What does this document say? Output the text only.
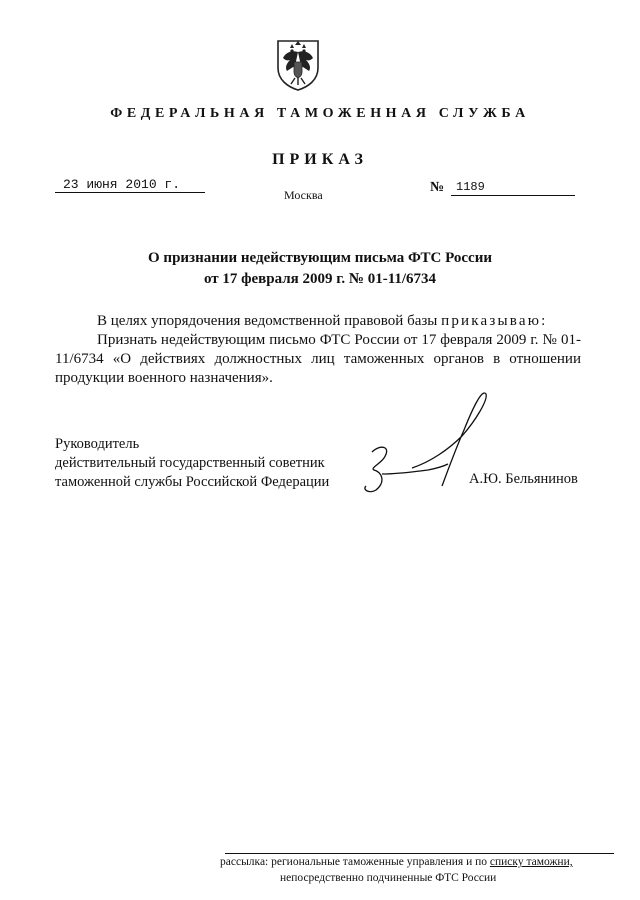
ФЕДЕРАЛЬНАЯ ТАМОЖЕННАЯ СЛУЖБА
ПРИКАЗ
23 июня 2010 г.
Москва	№ 1189
О признании недействующим письма ФТС России
от 17 февраля 2009 г. № 01-11/6734
В целях упорядочения ведомственной правовой базы приказываю:
Признать недействующим письмо ФТС России от 17 февраля 2009 г. № 01-11/6734 «О действиях должностных лиц таможенных органов в отношении продукции военного назначения».
Руководитель
действительный государственный советник
таможенной службы Российской Федерации	А.Ю. Бельянинов
рассылка: региональные таможенные управления и по списку таможни,
непосредственно подчиненные ФТС России
